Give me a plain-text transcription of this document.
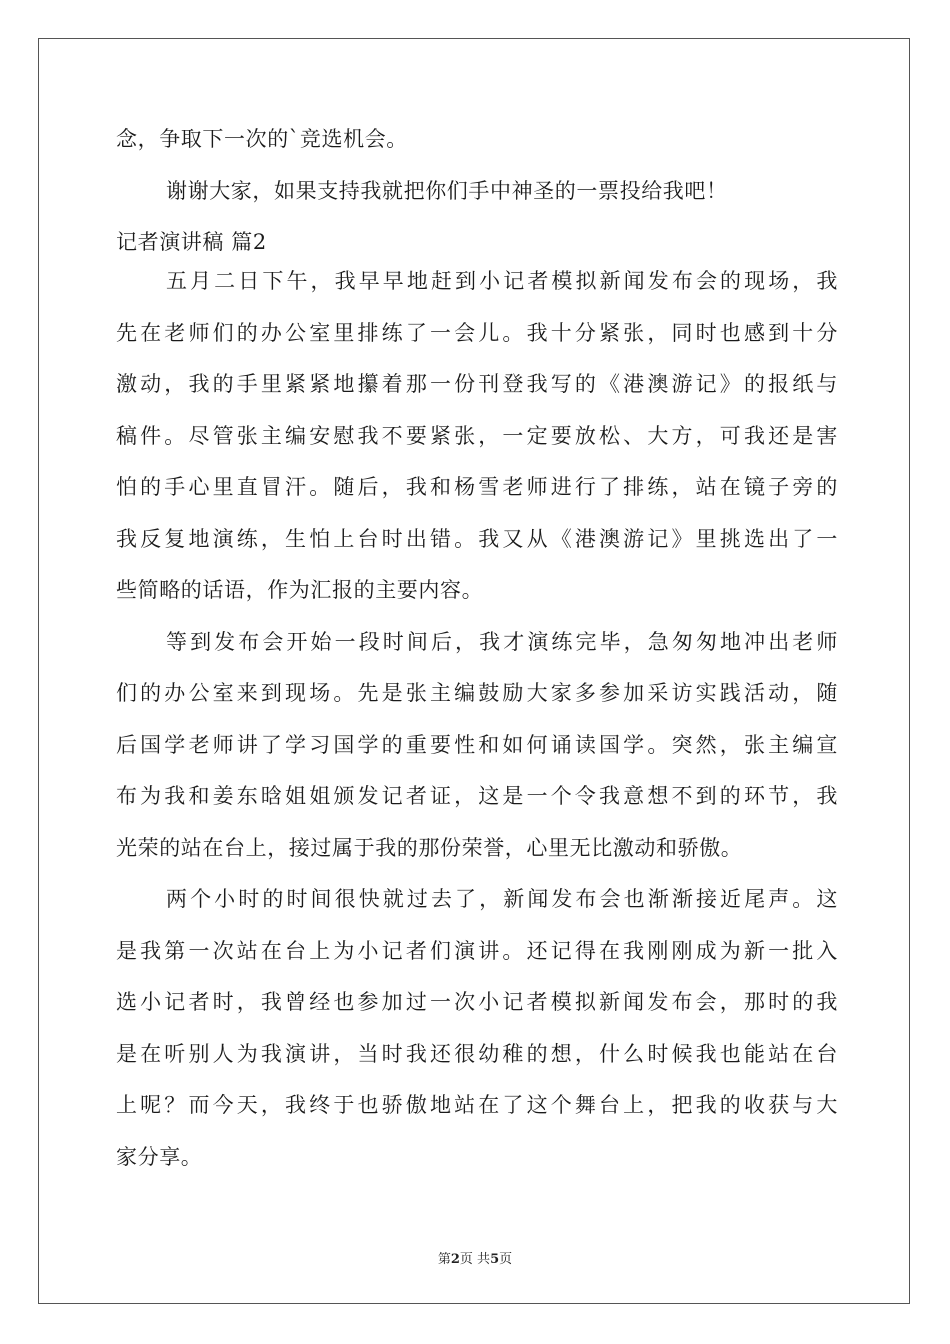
念，争取下一次的`竞选机会。
谢谢大家，如果支持我就把你们手中神圣的一票投给我吧！
记者演讲稿 篇2
五月二日下午，我早早地赶到小记者模拟新闻发布会的现场，我
先在老师们的办公室里排练了一会儿。我十分紧张，同时也感到十分
激动，我的手里紧紧地攥着那一份刊登我写的《港澳游记》的报纸与
稿件。尽管张主编安慰我不要紧张，一定要放松、大方，可我还是害
怕的手心里直冒汗。随后，我和杨雪老师进行了排练，站在镜子旁的
我反复地演练，生怕上台时出错。我又从《港澳游记》里挑选出了一
些简略的话语，作为汇报的主要内容。
等到发布会开始一段时间后，我才演练完毕，急匆匆地冲出老师
们的办公室来到现场。先是张主编鼓励大家多参加采访实践活动，随
后国学老师讲了学习国学的重要性和如何诵读国学。突然，张主编宣
布为我和姜东晗姐姐颁发记者证，这是一个令我意想不到的环节，我
光荣的站在台上，接过属于我的那份荣誉，心里无比激动和骄傲。
两个小时的时间很快就过去了，新闻发布会也渐渐接近尾声。这
是我第一次站在台上为小记者们演讲。还记得在我刚刚成为新一批入
选小记者时，我曾经也参加过一次小记者模拟新闻发布会，那时的我
是在听别人为我演讲，当时我还很幼稚的想，什么时候我也能站在台
上呢？而今天，我终于也骄傲地站在了这个舞台上，把我的收获与大
家分享。
第2页 共5页
